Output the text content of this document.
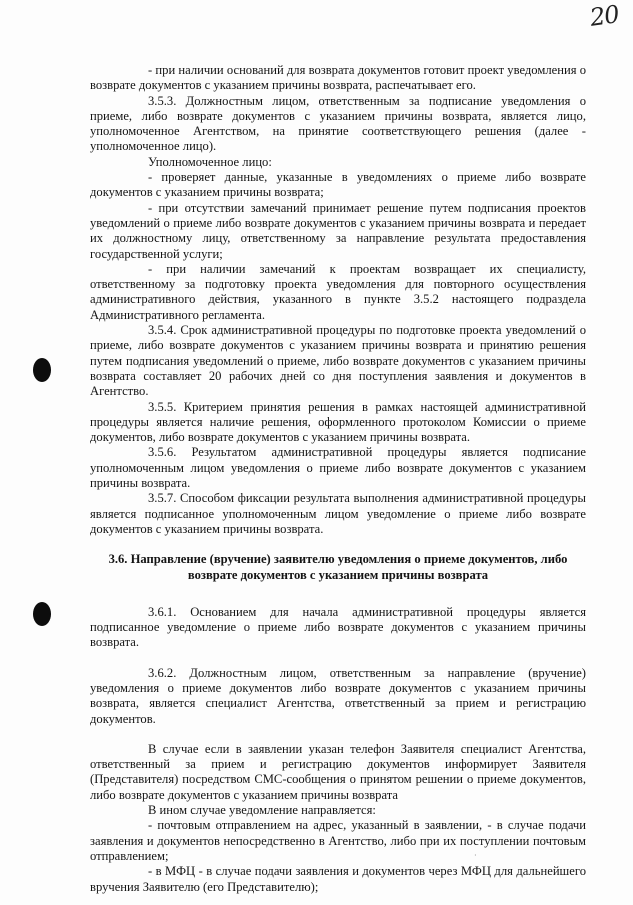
20

- при наличии оснований для возврата документов готовит проект уведомления о возврате документов с указанием причины возврата, распечатывает его.

3.5.3. Должностным лицом, ответственным за подписание уведомления о приеме, либо возврате документов с указанием причины возврата, является лицо, уполномоченное Агентством, на принятие соответствующего решения (далее - уполномоченное лицо).

Уполномоченное лицо:

- проверяет данные, указанные в уведомлениях о приеме либо возврате документов с указанием причины возврата;

- при отсутствии замечаний принимает решение путем подписания проектов уведомлений о приеме либо возврате документов с указанием причины возврата и передает их должностному лицу, ответственному за направление результата предоставления государственной услуги;

- при наличии замечаний к проектам возвращает их специалисту, ответственному за подготовку проекта уведомления для повторного осуществления административного действия, указанного в пункте 3.5.2 настоящего подраздела Административного регламента.

3.5.4. Срок административной процедуры по подготовке проекта уведомлений о приеме, либо возврате документов с указанием причины возврата и принятию решения путем подписания уведомлений о приеме, либо возврате документов с указанием причины возврата составляет 20 рабочих дней со дня поступления заявления и документов в Агентство.

3.5.5. Критерием принятия решения в рамках настоящей административной процедуры является наличие решения, оформленного протоколом Комиссии о приеме документов, либо возврате документов с указанием причины возврата.

3.5.6. Результатом административной процедуры является подписание уполномоченным лицом уведомления о приеме либо возврате документов с указанием причины возврата.

3.5.7. Способом фиксации результата выполнения административной процедуры является подписанное уполномоченным лицом уведомление о приеме либо возврате документов с указанием причины возврата.

3.6. Направление (вручение) заявителю уведомления о приеме документов, либо возврате документов с указанием причины возврата

3.6.1. Основанием для начала административной процедуры является подписанное уведомление о приеме либо возврате документов с указанием причины возврата.

3.6.2. Должностным лицом, ответственным за направление (вручение) уведомления о приеме документов либо возврате документов с указанием причины возврата, является специалист Агентства, ответственный за прием и регистрацию документов.

В случае если в заявлении указан телефон Заявителя специалист Агентства, ответственный за прием и регистрацию документов информирует Заявителя (Представителя) посредством СМС-сообщения о принятом решении о приеме документов, либо возврате документов с указанием причины возврата

В ином случае уведомление направляется:

- почтовым отправлением на адрес, указанный в заявлении, - в случае подачи заявления и документов непосредственно в Агентство, либо при их поступлении почтовым отправлением;

- в МФЦ - в случае подачи заявления и документов через МФЦ для дальнейшего вручения Заявителю (его Представителю);

·
